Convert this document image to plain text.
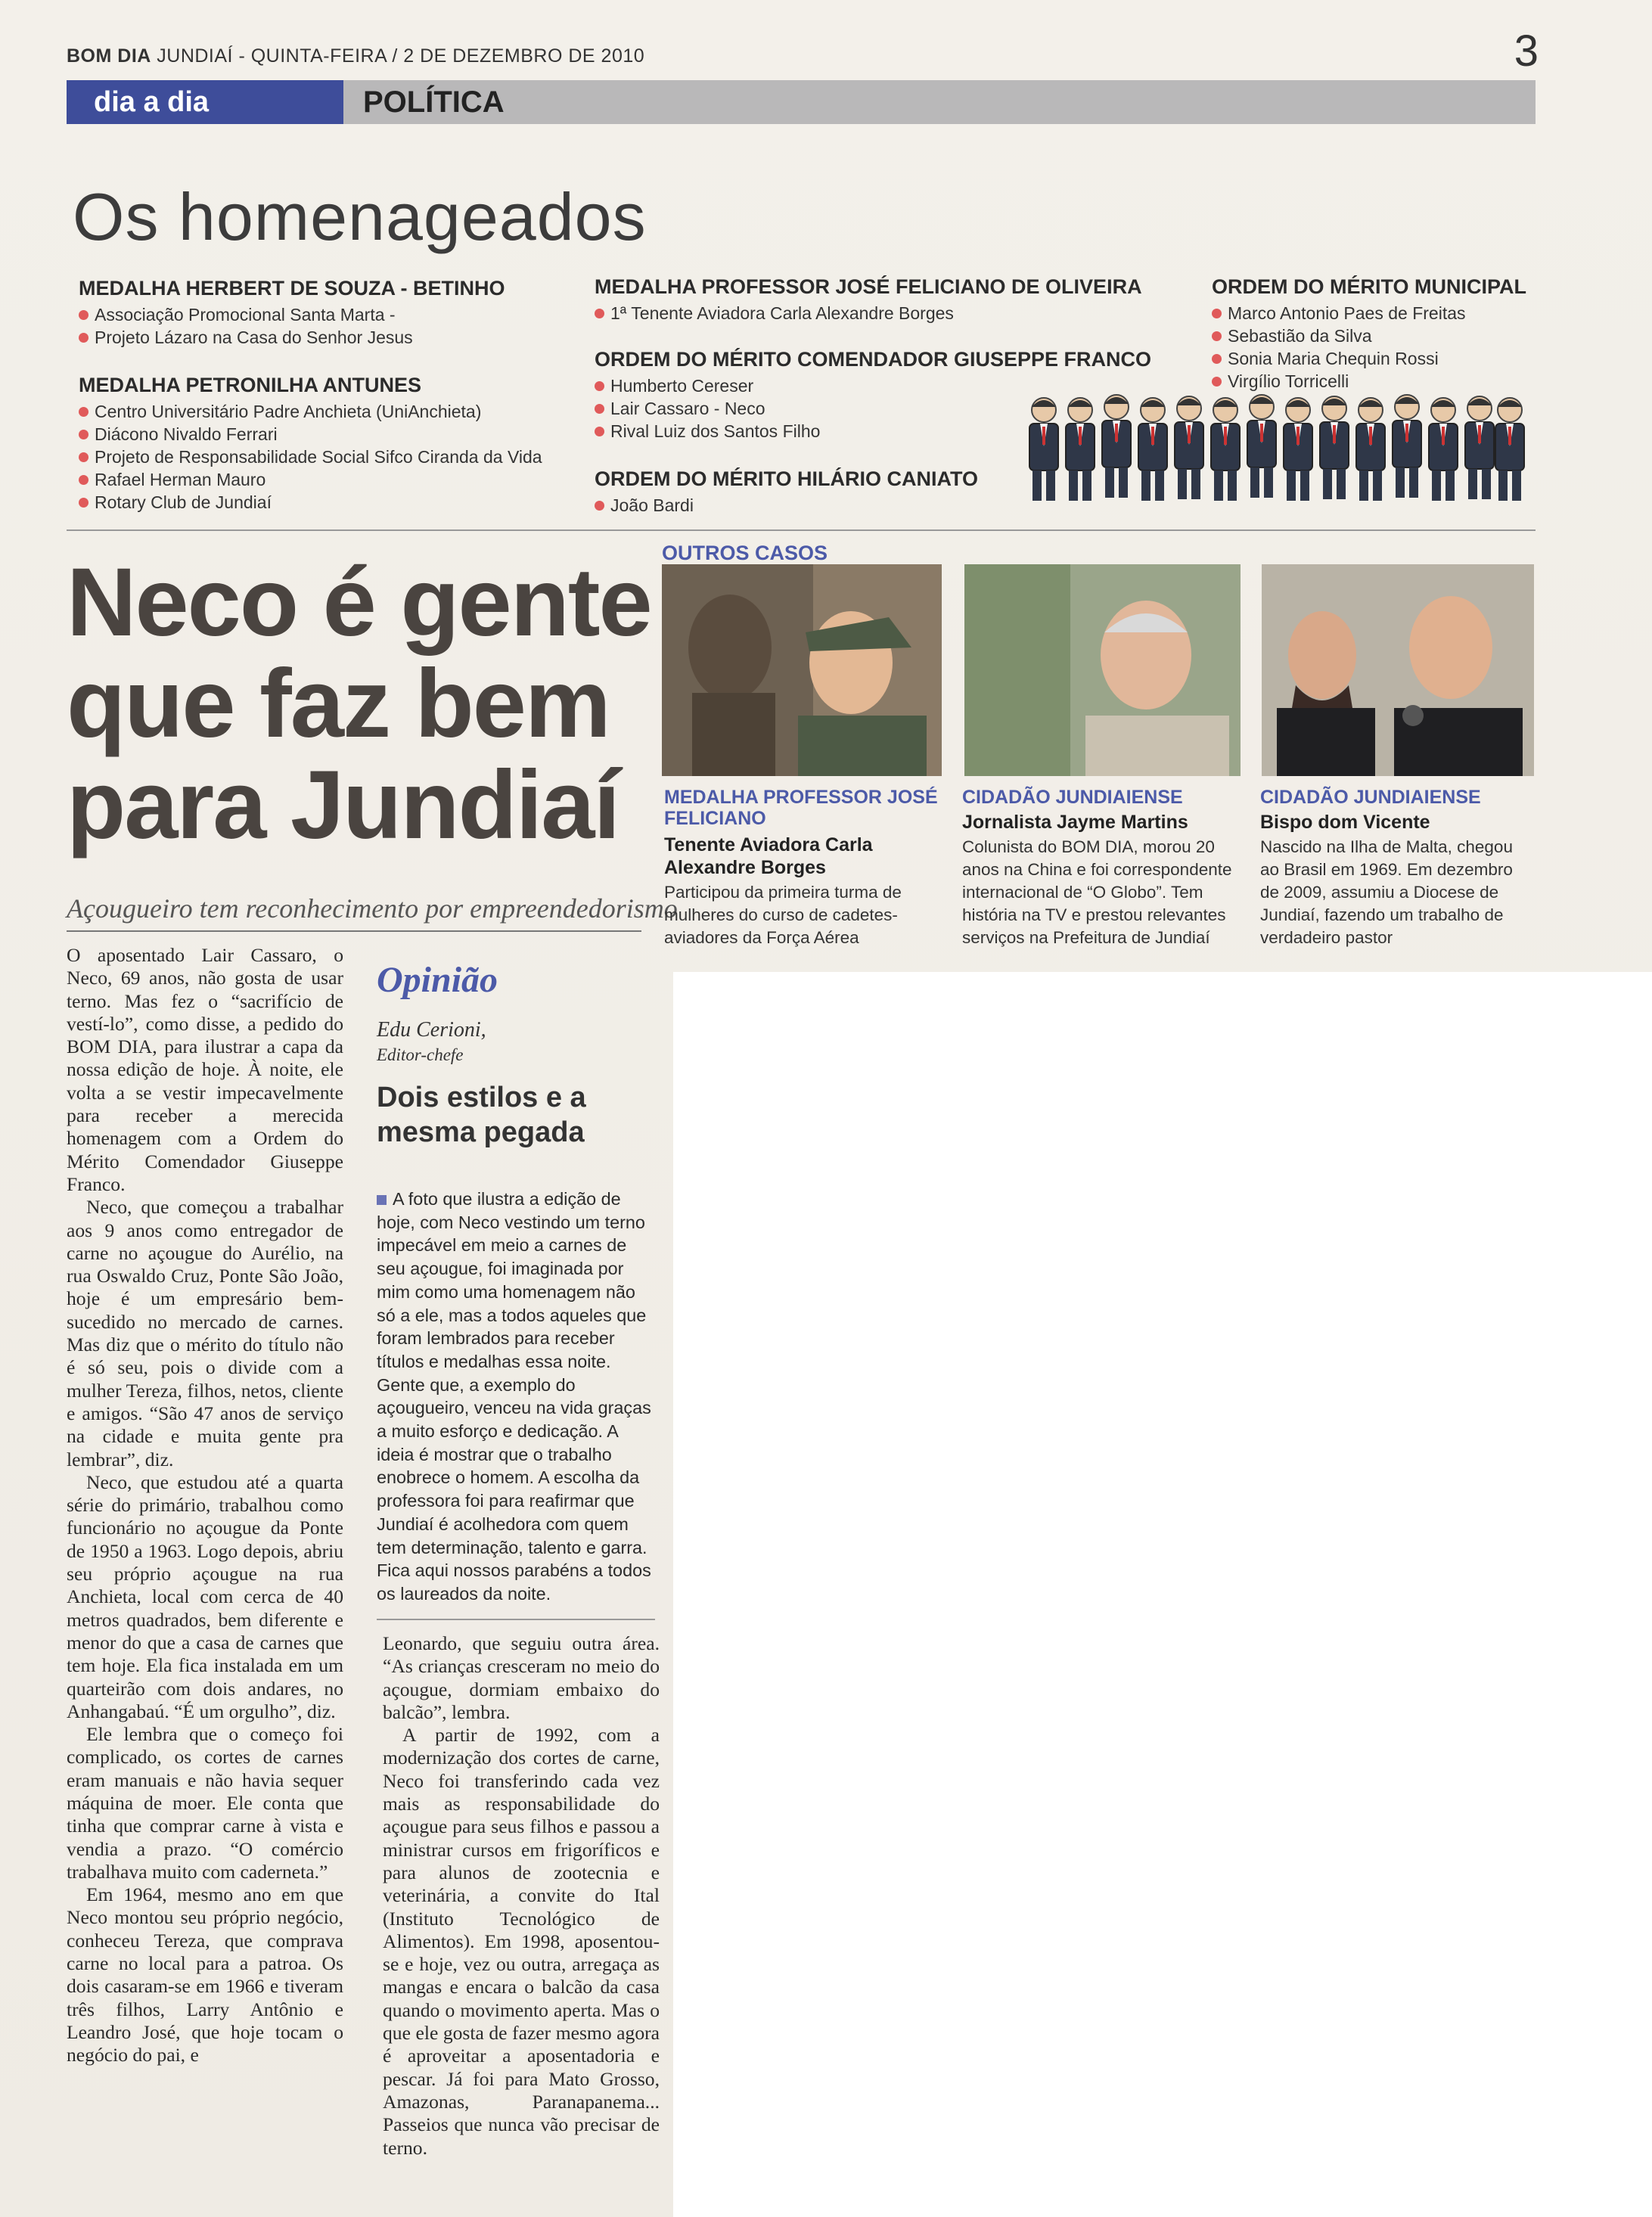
BOM DIA JUNDIAÍ - QUINTA-FEIRA / 2 DE DEZEMBRO DE 2010	3
dia a dia	POLÍTICA
Os homenageados
MEDALHA HERBERT DE SOUZA - BETINHO
Associação Promocional Santa Marta -
Projeto Lázaro na Casa do Senhor Jesus
MEDALHA PETRONILHA ANTUNES
Centro Universitário Padre Anchieta (UniAnchieta)
Diácono Nivaldo Ferrari
Projeto de Responsabilidade Social Sifco Ciranda da Vida
Rafael Herman Mauro
Rotary Club de Jundiaí
MEDALHA PROFESSOR JOSÉ FELICIANO DE OLIVEIRA
1ª Tenente Aviadora Carla Alexandre Borges
ORDEM DO MÉRITO COMENDADOR GIUSEPPE FRANCO
Humberto Cereser
Lair Cassaro - Neco
Rival Luiz dos Santos Filho
ORDEM DO MÉRITO HILÁRIO CANIATO
João Bardi
ORDEM DO MÉRITO MUNICIPAL
Marco Antonio Paes de Freitas
Sebastião da Silva
Sonia Maria Chequin Rossi
Virgílio Torricelli
Neco é gente
que faz bem
para Jundiaí
Açougueiro tem reconhecimento por empreendedorismo

O aposentado Lair Cassaro, o Neco, 69 anos, não gosta de usar terno. Mas fez o “sacrifício de vestí-lo”, como disse, a pedido do BOM DIA, para ilustrar a capa da nossa edição de hoje. À noite, ele volta a se vestir impecavelmente para receber a merecida homenagem com a Ordem do Mérito Comendador Giuseppe Franco.

Neco, que começou a trabalhar aos 9 anos como entregador de carne no açougue do Aurélio, na rua Oswaldo Cruz, Ponte São João, hoje é um empresário bem-sucedido no mercado de carnes. Mas diz que o mérito do título não é só seu, pois o divide com a mulher Tereza, filhos, netos, cliente e amigos. “São 47 anos de serviço na cidade e muita gente pra lembrar”, diz.

Neco, que estudou até a quarta série do primário, trabalhou como funcionário no açougue da Ponte de 1950 a 1963. Logo depois, abriu seu próprio açougue na rua Anchieta, local com cerca de 40 metros quadrados, bem diferente e menor do que a casa de carnes que tem hoje. Ela fica instalada em um quarteirão com dois andares, no Anhangabaú. “É um orgulho”, diz.

Ele lembra que o começo foi complicado, os cortes de carnes eram manuais e não havia sequer máquina de moer. Ele conta que tinha que comprar carne à vista e vendia a prazo. “O comércio trabalhava muito com caderneta.”

Em 1964, mesmo ano em que Neco montou seu próprio negócio, conheceu Tereza, que comprava carne no local para a patroa. Os dois casaram-se em 1966 e tiveram três filhos, Larry Antônio e Leandro José, que hoje tocam o negócio do pai, e

Leonardo, que seguiu outra área. “As crianças cresceram no meio do açougue, dormiam embaixo do balcão”, lembra.

A partir de 1992, com a modernização dos cortes de carne, Neco foi transferindo cada vez mais as responsabilidade do açougue para seus filhos e passou a ministrar cursos em frigoríficos e para alunos de zootecnia e veterinária, a convite do Ital (Instituto Tecnológico de Alimentos). Em 1998, aposentou-se e hoje, vez ou outra, arregaça as mangas e encara o balcão da casa quando o movimento aperta. Mas o que ele gosta de fazer mesmo agora é aproveitar a aposentadoria e pescar. Já foi para Mato Grosso, Amazonas, Paranapanema... Passeios que nunca vão precisar de terno.

Opinião
Edu Cerioni,
Editor-chefe
Dois estilos e a mesma pegada
A foto que ilustra a edição de hoje, com Neco vestindo um terno impecável em meio a carnes de seu açougue, foi imaginada por mim como uma homenagem não só a ele, mas a todos aqueles que foram lembrados para receber títulos e medalhas essa noite. Gente que, a exemplo do açougueiro, venceu na vida graças a muito esforço e dedicação. A ideia é mostrar que o trabalho enobrece o homem. A escolha da professora foi para reafirmar que Jundiaí é acolhedora com quem tem determinação, talento e garra. Fica aqui nossos parabéns a todos os laureados da noite.
OUTROS CASOS
MEDALHA PROFESSOR JOSÉ FELICIANO
Tenente Aviadora Carla Alexandre Borges
Participou da primeira turma de mulheres do curso de cadetes-aviadores da Força Aérea
CIDADÃO JUNDIAIENSE
Jornalista Jayme Martins
Colunista do BOM DIA, morou 20 anos na China e foi correspondente internacional de “O Globo”. Tem história na TV e prestou relevantes serviços na Prefeitura de Jundiaí
CIDADÃO JUNDIAIENSE
Bispo dom Vicente
Nascido na Ilha de Malta, chegou ao Brasil em 1969. Em dezembro de 2009, assumiu a Diocese de Jundiaí, fazendo um trabalho de verdadeiro pastor
